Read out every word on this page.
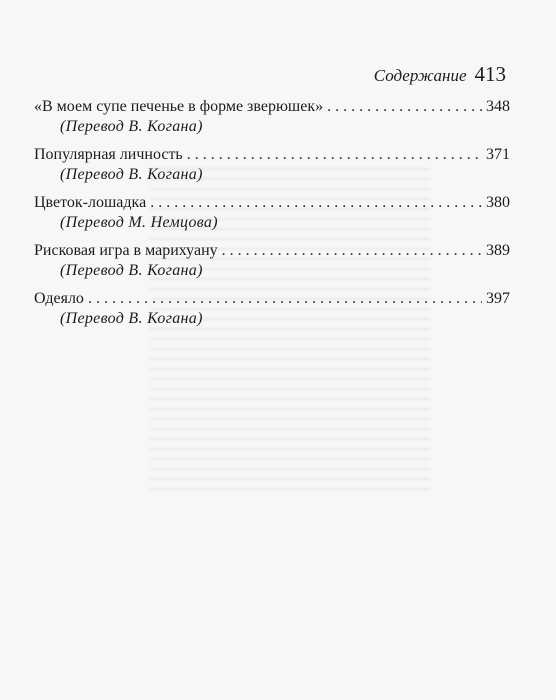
Содержание 413
«В моем супе печенье в форме зверюшек» . . .	348
(Перевод В. Когана)
Популярная личность . . .	371
(Перевод В. Когана)
Цветок-лошадка . . .	380
(Перевод М. Немцова)
Рисковая игра в марихуану . . .	389
(Перевод В. Когана)
Одеяло . . .	397
(Перевод В. Когана)
